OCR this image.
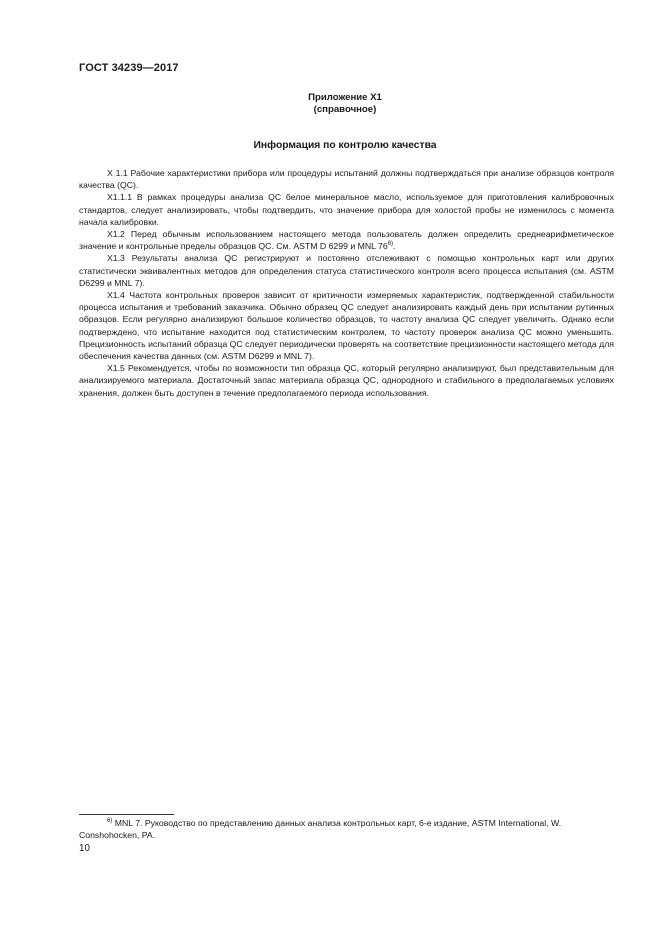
ГОСТ 34239—2017
Приложение Х1
(справочное)
Информация по контролю качества

Х 1.1 Рабочие характеристики прибора или процедуры испытаний должны подтверждаться при анализе образцов контроля качества (QC).

Х1.1.1 В рамках процедуры анализа QC белое минеральное масло, используемое для приготовления калибровочных стандартов, следует анализировать, чтобы подтвердить, что значение прибора для холостой пробы не изменилось с момента начала калибровки.

Х1.2 Перед обычным использованием настоящего метода пользователь должен определить среднеарифметическое значение и контрольные пределы образцов QC. См. ASTM D 6299 и MNL 76$^{6)}$.

Х1.3 Результаты анализа QC регистрируют и постоянно отслеживают с помощью контрольных карт или других статистически эквивалентных методов для определения статуса статистического контроля всего процесса испытания (см. ASTM D6299 и MNL 7).

Х1.4 Частота контрольных проверок зависит от критичности измеряемых характеристик, подтвержденной стабильности процесса испытания и требований заказчика. Обычно образец QC следует анализировать каждый день при испытании рутинных образцов. Если регулярно анализируют большое количество образцов, то частоту анализа QC следует увеличить. Однако если подтверждено, что испытание находится под статистическим контролем, то частоту проверок анализа QC можно уменьшить. Прецизионность испытаний образца QC следует периодически проверять на соответствие прецизионности настоящего метода для обеспечения качества данных (см. ASTM D6299 и MNL 7).

Х1.5 Рекомендуется, чтобы по возможности тип образца QC, который регулярно анализируют, был представительным для анализируемого материала. Достаточный запас материала образца QC, однородного и стабильного в предполагаемых условиях хранения, должен быть доступен в течение предполагаемого периода использования.

$^{6)}$ MNL 7. Руководство по представлению данных анализа контрольных карт, 6-е издание, ASTM International, W. Conshohocken, PA.

10
